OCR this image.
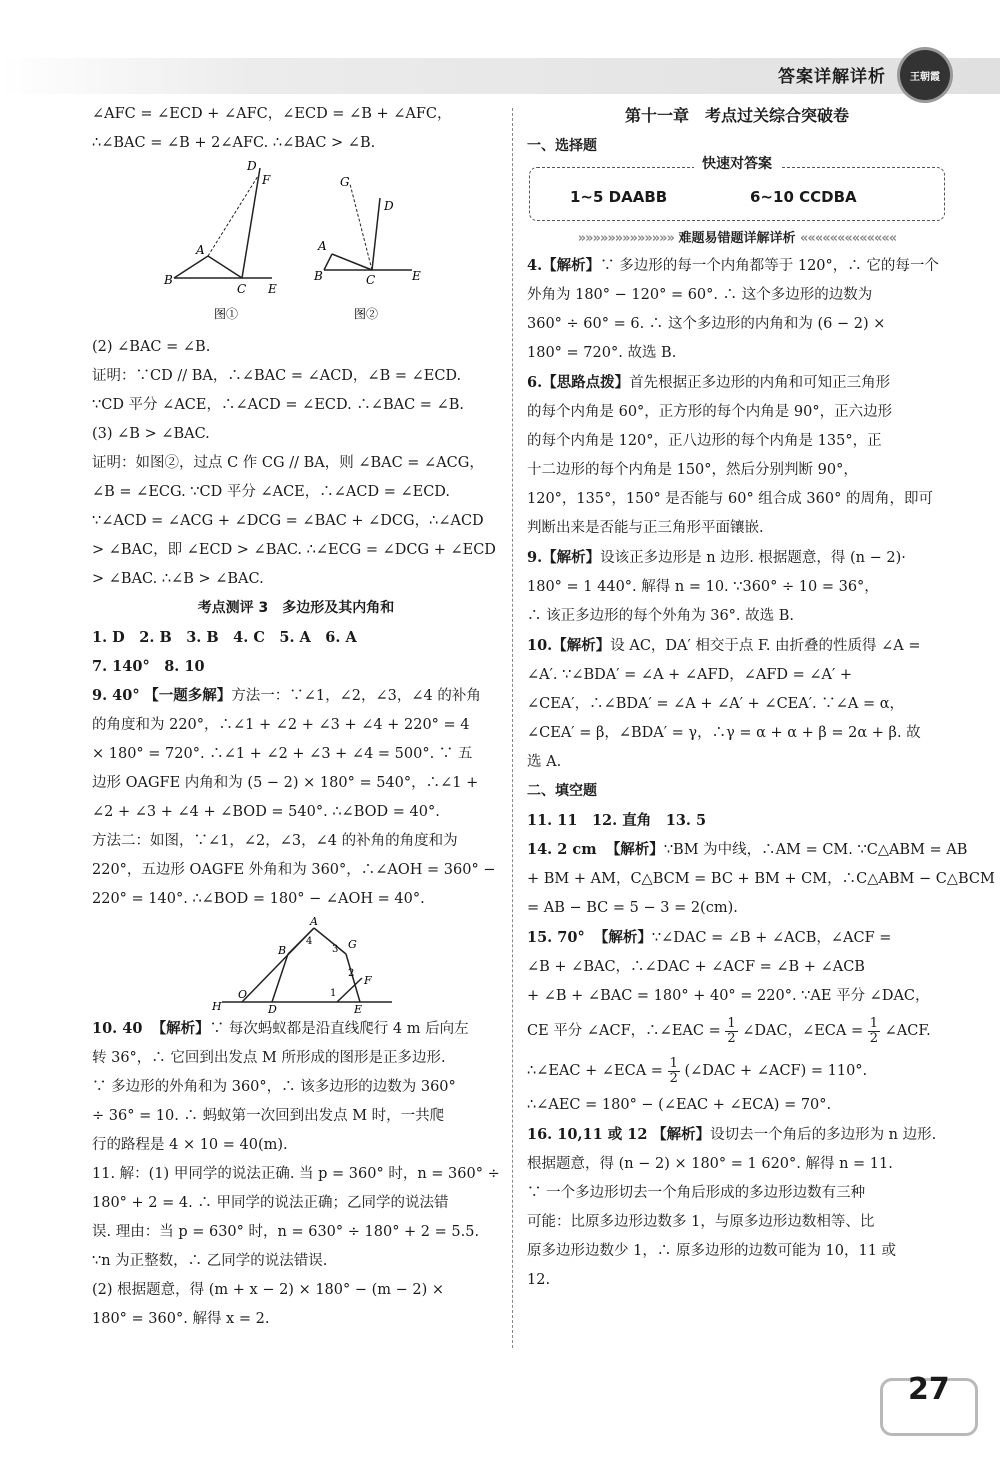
答案详解详析	王朝霞
∠AFC = ∠ECD + ∠AFC，∠ECD = ∠B + ∠AFC，
∴∠BAC = ∠B + 2∠AFC. ∴∠BAC > ∠B.
D
F
A
B
C E
图①
G
D
A
B	C	E
图②
(2) ∠BAC = ∠B.
证明：∵CD // BA，∴∠BAC = ∠ACD，∠B = ∠ECD.
∵CD 平分 ∠ACE，∴∠ACD = ∠ECD. ∴∠BAC = ∠B.
(3) ∠B > ∠BAC.
证明：如图②，过点 C 作 CG // BA，则 ∠BAC = ∠ACG，
∠B = ∠ECG. ∵CD 平分 ∠ACE，∴∠ACD = ∠ECD.
∵∠ACD = ∠ACG + ∠DCG = ∠BAC + ∠DCG，∴∠ACD
> ∠BAC，即 ∠ECD > ∠BAC. ∴∠ECG = ∠DCG + ∠ECD
> ∠BAC. ∴∠B > ∠BAC.
考点测评 3　多边形及其内角和
1. D　2. B　3. B　4. C　5. A　6. A
7. 140°　8. 10
9. 40° 【一题多解】方法一：∵∠1，∠2，∠3，∠4 的补角
的角度和为 220°，∴∠1 + ∠2 + ∠3 + ∠4 + 220° = 4
× 180° = 720°. ∴∠1 + ∠2 + ∠3 + ∠4 = 500°. ∵ 五
边形 OAGFE 内角和为 (5 − 2) × 180° = 540°，∴∠1 +
∠2 + ∠3 + ∠4 + ∠BOD = 540°. ∴∠BOD = 40°.
方法二：如图，∵∠1，∠2，∠3，∠4 的补角的角度和为
220°，五边形 OAGFE 外角和为 360°，∴∠AOH = 360° −
220° = 140°. ∴∠BOD = 180° − ∠AOH = 40°.
A
B	G
4
3
2
1
F
H
O
D	E
10. 40 【解析】∵ 每次蚂蚁都是沿直线爬行 4 m 后向左
转 36°，∴ 它回到出发点 M 所形成的图形是正多边形.
∵ 多边形的外角和为 360°，∴ 该多边形的边数为 360°
÷ 36° = 10. ∴ 蚂蚁第一次回到出发点 M 时，一共爬
行的路程是 4 × 10 = 40(m).
11. 解：(1) 甲同学的说法正确. 当 p = 360° 时，n = 360° ÷
180° + 2 = 4. ∴ 甲同学的说法正确；乙同学的说法错
误. 理由：当 p = 630° 时，n = 630° ÷ 180° + 2 = 5.5.
∵n 为正整数，∴ 乙同学的说法错误.
(2) 根据题意，得 (m + x − 2) × 180° − (m − 2) ×
180° = 360°. 解得 x = 2.
第十一章　考点过关综合突破卷
一、选择题
快速对答案
1~5 DAABB	6~10 CCDBA
»»»»»»»»»»»»» 难题易错题详解详析 «««««««««««««
4.【解析】∵ 多边形的每一个内角都等于 120°，∴ 它的每一个
外角为 180° − 120° = 60°. ∴ 这个多边形的边数为
360° ÷ 60° = 6. ∴ 这个多边形的内角和为 (6 − 2) ×
180° = 720°. 故选 B.
6.【思路点拨】首先根据正多边形的内角和可知正三角形
的每个内角是 60°，正方形的每个内角是 90°，正六边形
的每个内角是 120°，正八边形的每个内角是 135°，正
十二边形的每个内角是 150°，然后分别判断 90°，
120°，135°，150° 是否能与 60° 组合成 360° 的周角，即可
判断出来是否能与正三角形平面镶嵌.
9.【解析】设该正多边形是 n 边形. 根据题意，得 (n − 2)·
180° = 1 440°. 解得 n = 10. ∵360° ÷ 10 = 36°，
∴ 该正多边形的每个外角为 36°. 故选 B.
10.【解析】设 AC，DA′ 相交于点 F. 由折叠的性质得 ∠A =
∠A′. ∵∠BDA′ = ∠A + ∠AFD，∠AFD = ∠A′ +
∠CEA′，∴∠BDA′ = ∠A + ∠A′ + ∠CEA′. ∵∠A = α，
∠CEA′ = β，∠BDA′ = γ，∴γ = α + α + β = 2α + β. 故
选 A.
二、填空题
11. 11　12. 直角　13. 5
14. 2 cm 【解析】∵BM 为中线，∴AM = CM. ∵C△ABM = AB
+ BM + AM，C△BCM = BC + BM + CM，∴C△ABM − C△BCM
= AB − BC = 5 − 3 = 2(cm).
15. 70° 【解析】∵∠DAC = ∠B + ∠ACB，∠ACF =
∠B + ∠BAC，∴∠DAC + ∠ACF = ∠B + ∠ACB
+ ∠B + ∠BAC = 180° + 40° = 220°. ∵AE 平分 ∠DAC，
CE 平分 ∠ACF，∴∠EAC = $\frac{1}{2}$ ∠DAC，∠ECA = $\frac{1}{2}$ ∠ACF.
∴∠EAC + ∠ECA = $\frac{1}{2}$ (∠DAC + ∠ACF) = 110°.
∴∠AEC = 180° − (∠EAC + ∠ECA) = 70°.
16. 10,11 或 12 【解析】设切去一个角后的多边形为 n 边形.
根据题意，得 (n − 2) × 180° = 1 620°. 解得 n = 11.
∵ 一个多边形切去一个角后形成的多边形边数有三种
可能：比原多边形边数多 1，与原多边形边数相等、比
原多边形边数少 1，∴ 原多边形的边数可能为 10，11 或
12.
27
